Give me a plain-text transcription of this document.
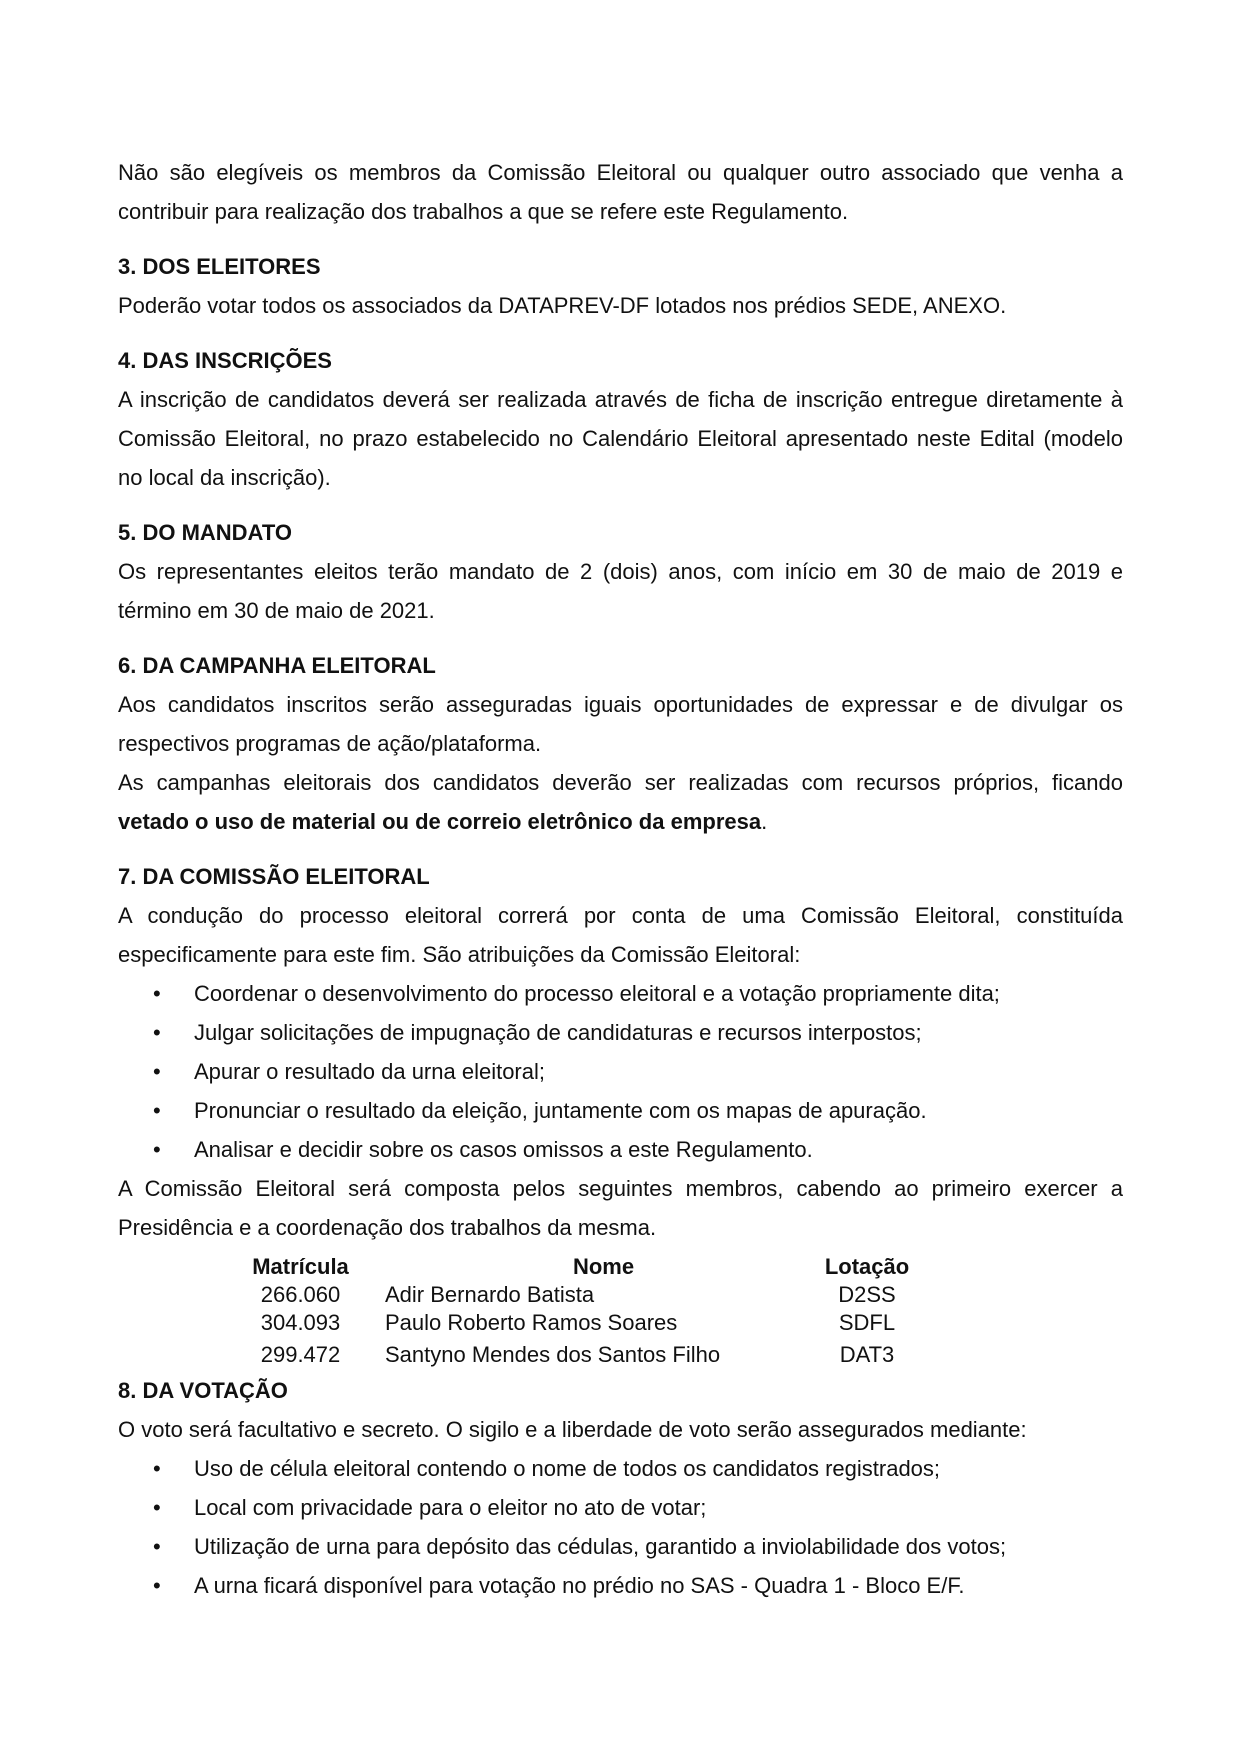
Não são elegíveis os membros da Comissão Eleitoral ou qualquer outro associado que venha a contribuir para realização dos trabalhos a que se refere este Regulamento.

3. DOS ELEITORES

Poderão votar todos os associados da DATAPREV-DF lotados nos prédios SEDE, ANEXO.

4. DAS INSCRIÇÕES

A inscrição de candidatos deverá ser realizada através de ficha de inscrição entregue diretamente à Comissão Eleitoral, no prazo estabelecido no Calendário Eleitoral apresentado neste Edital (modelo no local da inscrição).

5. DO MANDATO

Os representantes eleitos terão mandato de 2 (dois) anos, com início em 30 de maio de 2019 e término em 30 de maio de 2021.

6. DA CAMPANHA ELEITORAL

Aos candidatos inscritos serão asseguradas iguais oportunidades de expressar e de divulgar os respectivos programas de ação/plataforma.

As campanhas eleitorais dos candidatos deverão ser realizadas com recursos próprios, ficando vetado o uso de material ou de correio eletrônico da empresa.

7. DA COMISSÃO ELEITORAL

A condução do processo eleitoral correrá por conta de uma Comissão Eleitoral, constituída especificamente para este fim. São atribuições da Comissão Eleitoral:

• Coordenar o desenvolvimento do processo eleitoral e a votação propriamente dita;
• Julgar solicitações de impugnação de candidaturas e recursos interpostos;
• Apurar o resultado da urna eleitoral;
• Pronunciar o resultado da eleição, juntamente com os mapas de apuração.
• Analisar e decidir sobre os casos omissos a este Regulamento.

A Comissão Eleitoral será composta pelos seguintes membros, cabendo ao primeiro exercer a Presidência e a coordenação dos trabalhos da mesma.

Matrícula	Nome	Lotação
266.060	Adir Bernardo Batista	D2SS
304.093	Paulo Roberto Ramos Soares	SDFL
299.472	Santyno Mendes dos Santos Filho	DAT3
8. DA VOTAÇÃO

O voto será facultativo e secreto. O sigilo e a liberdade de voto serão assegurados mediante:

• Uso de célula eleitoral contendo o nome de todos os candidatos registrados;
• Local com privacidade para o eleitor no ato de votar;
• Utilização de urna para depósito das cédulas, garantido a inviolabilidade dos votos;
• A urna ficará disponível para votação no prédio no SAS - Quadra 1 - Bloco E/F.
